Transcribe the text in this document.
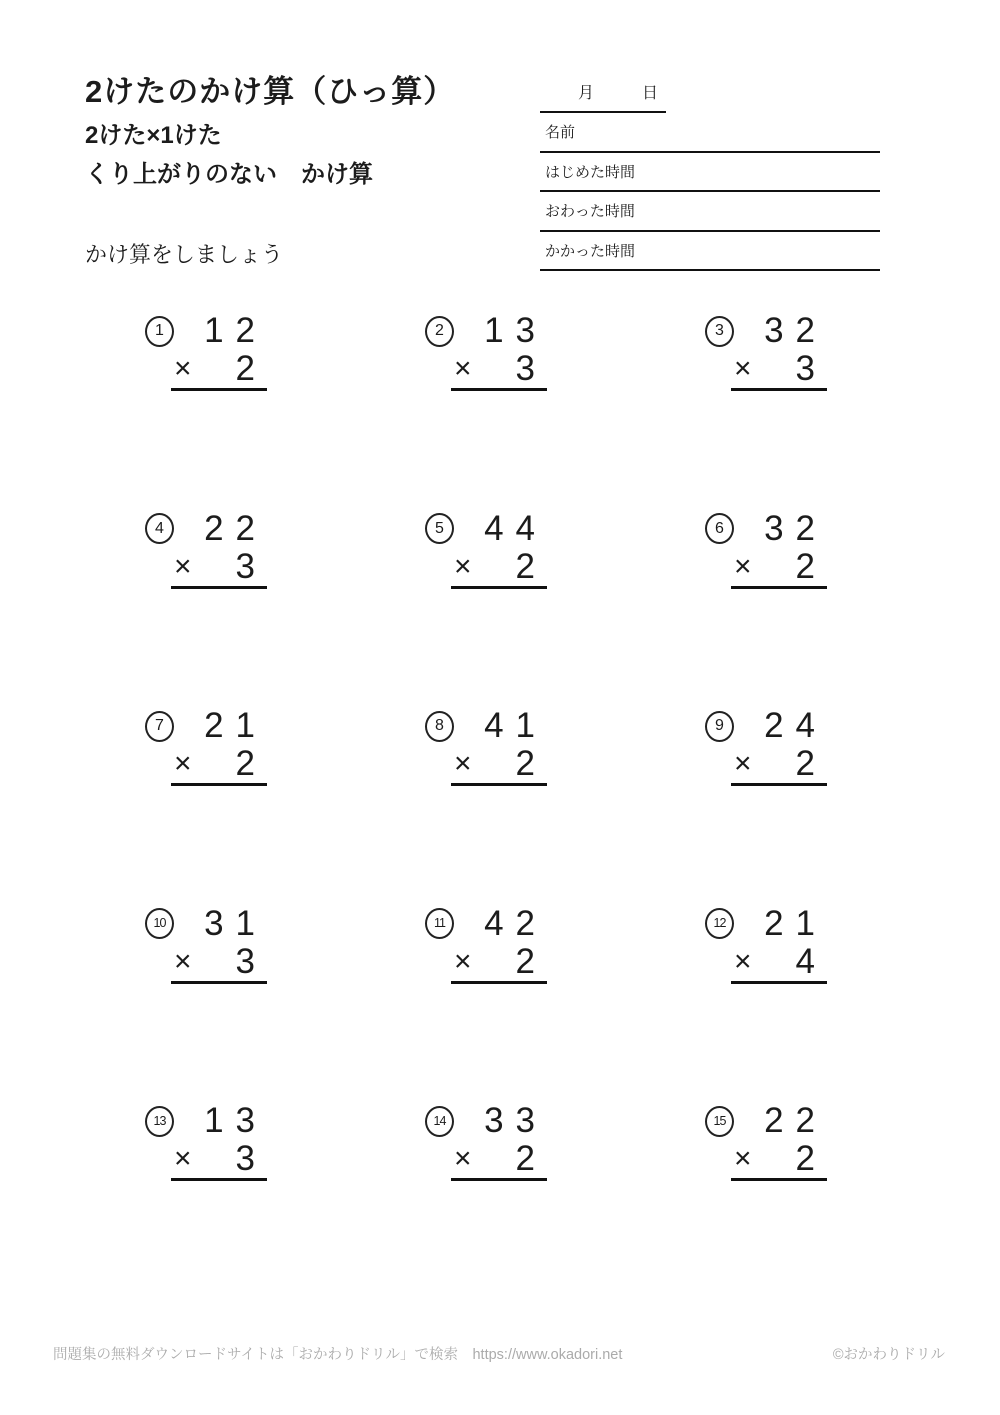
2けたのかけ算（ひっ算）
2けた×1けた
くり上がりのない　かけ算
月	日
名前
はじめた時間
おわった時間
かかった時間
かけ算をしましょう
1	12
× 2
2	13
× 3
3	32
× 3
4	22
× 3
5	44
× 2
6	32
× 2
7	21
× 2
8	41
× 2
9	24
× 2
10	31
× 3
11	42
× 2
12	21
× 4
13	13
× 3
14	33
× 2
15	22
× 2
問題集の無料ダウンロードサイトは「おかわりドリル」で検索　https://www.okadori.net	©おかわりドリル
